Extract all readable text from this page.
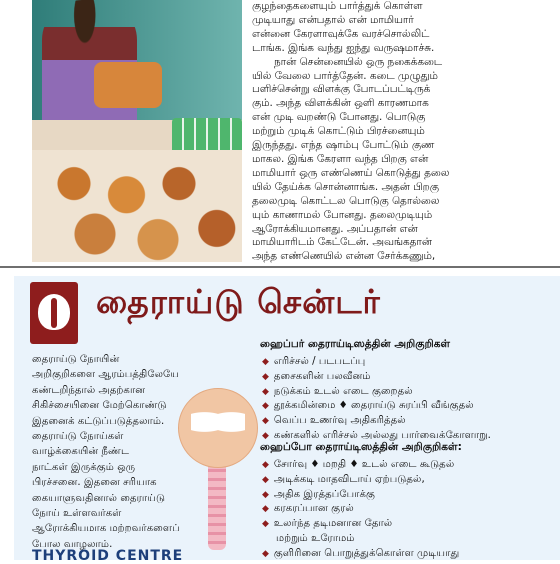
குழந்தைகளையும் பார்த்துக் கொள்ள
முடியாது என்பதால் என் மாமியார்
என்னை கேரளாவுக்கே வரச்சொல்லிட்
டாங்க. இங்க வந்து ஐந்து வருஷமாச்சு.
நான் சென்னையில் ஒரு நகைக்கடை
யில் வேலை பார்த்தேன். கடை முழுதும்
பளிச்சென்று விளக்கு போடப்பட்டிருக்
கும். அந்த விளக்கின் ஒளி காரணமாக
என் முடி வறண்டு போனது. பொடுகு
மற்றும் முடிக் கொட்டும் பிரச்னையும்
இருந்தது. எந்த ஷாம்பு போட்டும் குண
மாகல. இங்க கேரளா வந்த பிறகு என்
மாமியார் ஒரு எண்ணெய் கொடுத்து தலை
யில் தேய்க்க சொன்னாங்க. அதன் பிறகு
தலைமுடி கொட்டல பொடுகு தொல்லை
யும் காணாமல் போனது. தலைமுடியும்
ஆரோக்கியமானது. அப்பதான் என்
மாமியாரிடம் கேட்டேன். அவங்கதான்
அந்த எண்ணெயில் என்ன சேர்க்கணும்,
தைராய்டு சென்டர்
தைராய்டு நோயின்
அறிகுறிகளை ஆரம்பத்திலேயே
கண்டறிந்தால் அதற்கான
சிகிச்சையினை மேற்கொண்டு
இதனைக் கட்டுப்படுத்தலாம்.
தைராய்டு நோய்கள்
வாழ்க்கையின் நீண்ட
நாட்கள் இருக்கும் ஒரு
பிரச்சனை. இதனை சரியாக
கையாளுவதினால் தைராய்டு
நோய் உள்ளவர்கள்
ஆரோக்கியமாக மற்றவர்களைப்
போல வாழலாம்.
THYROID CENTRE
ஹைப்பர் தைராய்டிஸத்தின் அறிகுறிகள்
◆ எரிச்சல் / படபடப்பு
◆ தசைகளின் பலவீனம்
◆ நடுக்கம் உடல் எடை குறைதல்
◆ தூக்கமின்மை ♦ தைராய்டு சுரப்பி வீங்குதல்
◆ வெப்ப உணர்வு அதிகரித்தல்
◆ கண்களில் எரிச்சல் அல்லது பார்வைக்கோளாறு.
ஹைப்போ தைராய்டிஸத்தின் அறிகுறிகள்:
◆ சோர்வு ♦ மறதி ♦ உடல் எடை கூடுதல்
◆ அடிக்கடி மாதவிடாய் ஏற்படுதல்,
◆ அதிக இரத்தப்போக்கு
◆ கரகரப்பான குரல்
◆ உலர்ந்த தடிமனான தோல்
மற்றும் உரோமம்
◆ குளிரினை பொறுத்துக்கொள்ள முடியாது
